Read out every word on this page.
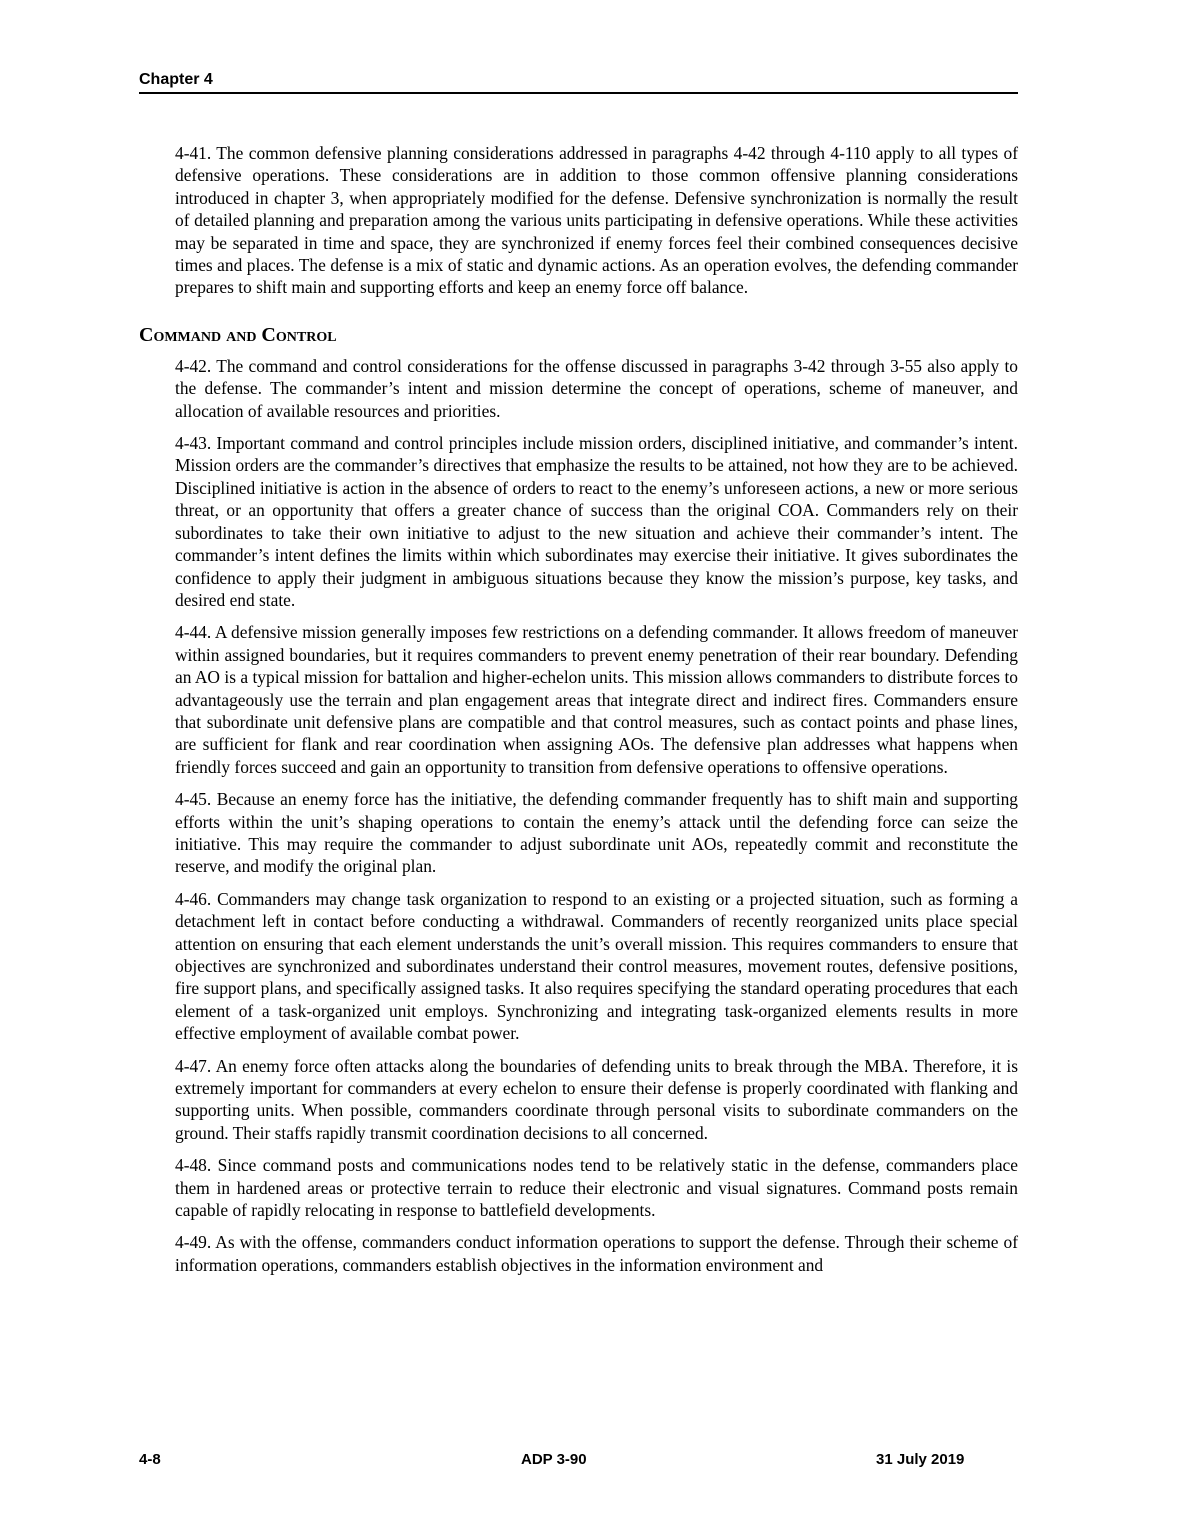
Chapter 4

4-41. The common defensive planning considerations addressed in paragraphs 4-42 through 4-110 apply to all types of defensive operations. These considerations are in addition to those common offensive planning considerations introduced in chapter 3, when appropriately modified for the defense. Defensive synchronization is normally the result of detailed planning and preparation among the various units participating in defensive operations. While these activities may be separated in time and space, they are synchronized if enemy forces feel their combined consequences decisive times and places. The defense is a mix of static and dynamic actions. As an operation evolves, the defending commander prepares to shift main and supporting efforts and keep an enemy force off balance.

Command and Control

4-42. The command and control considerations for the offense discussed in paragraphs 3-42 through 3-55 also apply to the defense. The commander’s intent and mission determine the concept of operations, scheme of maneuver, and allocation of available resources and priorities.

4-43. Important command and control principles include mission orders, disciplined initiative, and commander’s intent. Mission orders are the commander’s directives that emphasize the results to be attained, not how they are to be achieved. Disciplined initiative is action in the absence of orders to react to the enemy’s unforeseen actions, a new or more serious threat, or an opportunity that offers a greater chance of success than the original COA. Commanders rely on their subordinates to take their own initiative to adjust to the new situation and achieve their commander’s intent. The commander’s intent defines the limits within which subordinates may exercise their initiative. It gives subordinates the confidence to apply their judgment in ambiguous situations because they know the mission’s purpose, key tasks, and desired end state.

4-44. A defensive mission generally imposes few restrictions on a defending commander. It allows freedom of maneuver within assigned boundaries, but it requires commanders to prevent enemy penetration of their rear boundary. Defending an AO is a typical mission for battalion and higher-echelon units. This mission allows commanders to distribute forces to advantageously use the terrain and plan engagement areas that integrate direct and indirect fires. Commanders ensure that subordinate unit defensive plans are compatible and that control measures, such as contact points and phase lines, are sufficient for flank and rear coordination when assigning AOs. The defensive plan addresses what happens when friendly forces succeed and gain an opportunity to transition from defensive operations to offensive operations.

4-45. Because an enemy force has the initiative, the defending commander frequently has to shift main and supporting efforts within the unit’s shaping operations to contain the enemy’s attack until the defending force can seize the initiative. This may require the commander to adjust subordinate unit AOs, repeatedly commit and reconstitute the reserve, and modify the original plan.

4-46. Commanders may change task organization to respond to an existing or a projected situation, such as forming a detachment left in contact before conducting a withdrawal. Commanders of recently reorganized units place special attention on ensuring that each element understands the unit’s overall mission. This requires commanders to ensure that objectives are synchronized and subordinates understand their control measures, movement routes, defensive positions, fire support plans, and specifically assigned tasks. It also requires specifying the standard operating procedures that each element of a task-organized unit employs. Synchronizing and integrating task-organized elements results in more effective employment of available combat power.

4-47. An enemy force often attacks along the boundaries of defending units to break through the MBA. Therefore, it is extremely important for commanders at every echelon to ensure their defense is properly coordinated with flanking and supporting units. When possible, commanders coordinate through personal visits to subordinate commanders on the ground. Their staffs rapidly transmit coordination decisions to all concerned.

4-48. Since command posts and communications nodes tend to be relatively static in the defense, commanders place them in hardened areas or protective terrain to reduce their electronic and visual signatures. Command posts remain capable of rapidly relocating in response to battlefield developments.

4-49. As with the offense, commanders conduct information operations to support the defense. Through their scheme of information operations, commanders establish objectives in the information environment and

4-8	ADP 3-90	31 July 2019
